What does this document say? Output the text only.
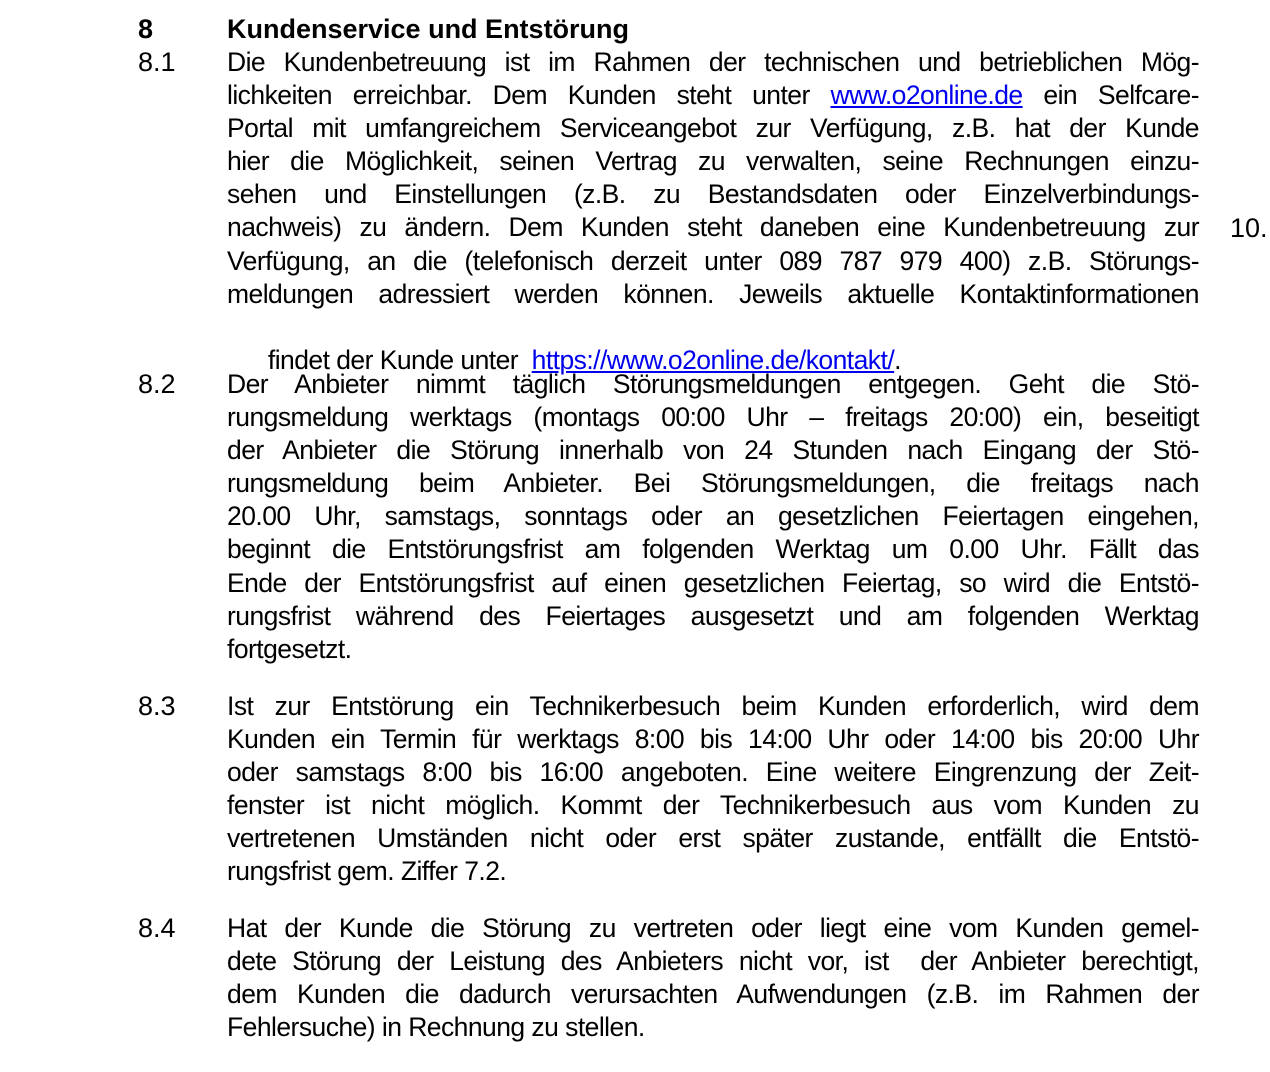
8	Kundenservice und Entstörung
10.
8.1 Die Kundenbetreuung ist im Rahmen der technischen und betrieblichen Mög-
lichkeiten erreichbar. Dem Kunden steht unter www.o2online.de ein Selfcare-
Portal mit umfangreichem Serviceangebot zur Verfügung, z.B. hat der Kunde
hier die Möglichkeit, seinen Vertrag zu verwalten, seine Rechnungen einzu-
sehen und Einstellungen (z.B. zu Bestandsdaten oder Einzelverbindungs-
nachweis) zu ändern. Dem Kunden steht daneben eine Kundenbetreuung zur
Verfügung, an die (telefonisch derzeit unter 089 787 979 400) z.B. Störungs-
meldungen adressiert werden können. Jeweils aktuelle Kontaktinformationen

findet der Kunde unter  https://www.o2online.de/kontakt/.

8.2 Der Anbieter nimmt täglich Störungsmeldungen entgegen. Geht die Stö-
rungsmeldung werktags (montags 00:00 Uhr – freitags 20:00) ein, beseitigt
der Anbieter die Störung innerhalb von 24 Stunden nach Eingang der Stö-
rungsmeldung beim Anbieter. Bei Störungsmeldungen, die freitags nach
20.00 Uhr, samstags, sonntags oder an gesetzlichen Feiertagen eingehen,
beginnt die Entstörungsfrist am folgenden Werktag um 0.00 Uhr. Fällt das
Ende der Entstörungsfrist auf einen gesetzlichen Feiertag, so wird die Entstö-
rungsfrist während des Feiertages ausgesetzt und am folgenden Werktag
fortgesetzt.
8.3 Ist zur Entstörung ein Technikerbesuch beim Kunden erforderlich, wird dem
Kunden ein Termin für werktags 8:00 bis 14:00 Uhr oder 14:00 bis 20:00 Uhr
oder samstags 8:00 bis 16:00 angeboten. Eine weitere Eingrenzung der Zeit-
fenster ist nicht möglich. Kommt der Technikerbesuch aus vom Kunden zu
vertretenen Umständen nicht oder erst später zustande, entfällt die Entstö-
rungsfrist gem. Ziffer 7.2.
8.4 Hat der Kunde die Störung zu vertreten oder liegt eine vom Kunden gemel-
dete Störung der Leistung des Anbieters nicht vor, ist  der Anbieter berechtigt,
dem Kunden die dadurch verursachten Aufwendungen (z.B. im Rahmen der
Fehlersuche) in Rechnung zu stellen.
